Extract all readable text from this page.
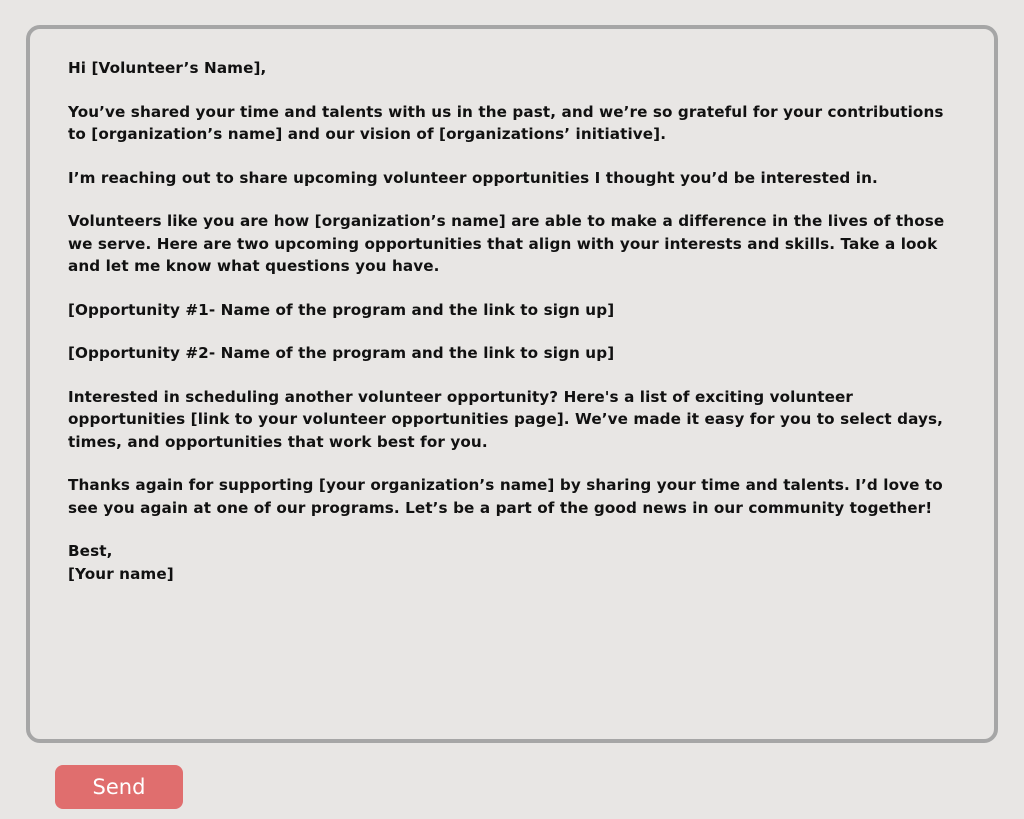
Hi [Volunteer’s Name],

You’ve shared your time and talents with us in the past, and we’re so grateful for your contributions to [organization’s name] and our vision of [organizations’ initiative].

I’m reaching out to share upcoming volunteer opportunities I thought you’d be interested in.

Volunteers like you are how [organization’s name] are able to make a difference in the lives of those we serve. Here are two upcoming opportunities that align with your interests and skills. Take a look and let me know what questions you have.

[Opportunity #1- Name of the program and the link to sign up]

[Opportunity #2- Name of the program and the link to sign up]

Interested in scheduling another volunteer opportunity? Here's a list of exciting volunteer opportunities [link to your volunteer opportunities page]. We’ve made it easy for you to select days, times, and opportunities that work best for you.

Thanks again for supporting [your organization’s name] by sharing your time and talents. I’d love to see you again at one of our programs. Let’s be a part of the good news in our community together!

Best,

[Your name]

Send
